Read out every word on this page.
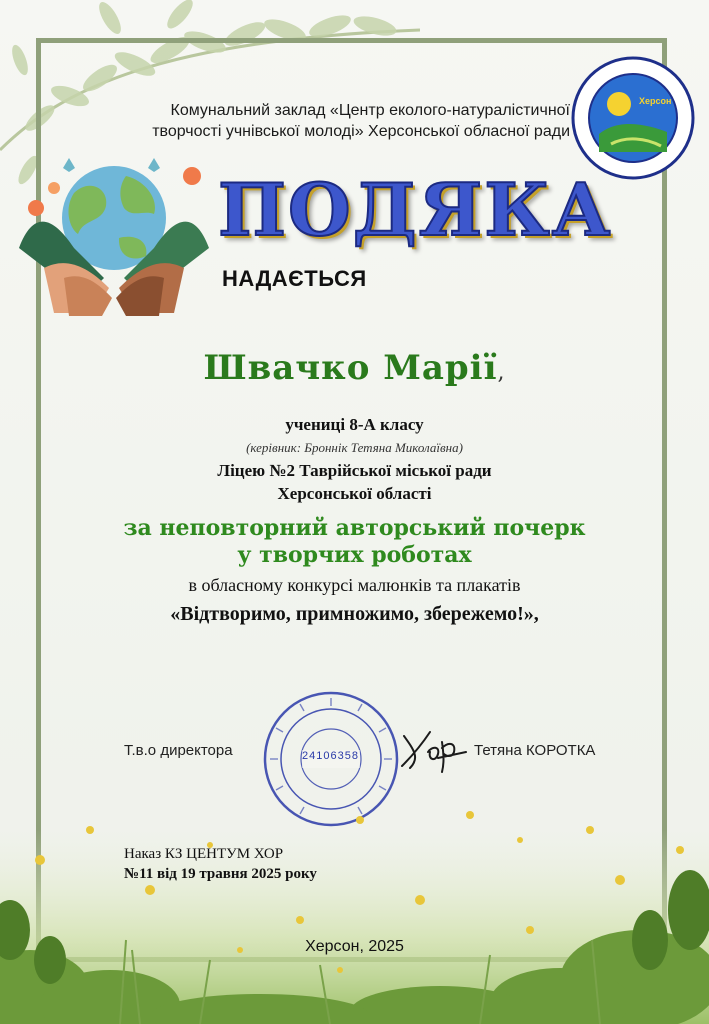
Комунальний заклад «Центр еколого-натуралістичної
творчості учнівської молоді» Херсонської обласної ради
Херсон
ПОДЯКА
НАДАЄТЬСЯ
Швачко Марії,
учениці 8-А класу
(керівник: Броннік Тетяна Миколаївна)
Ліцею №2 Таврійської міської ради
Херсонської області
за неповторний авторський почерк
у творчих роботах
в обласному конкурсі малюнків та плакатів
«Відтворимо, примножимо, збережемо!»,
Т.в.о директора	24106358	Тетяна КОРОТКА
Наказ КЗ ЦЕНТУМ ХОР
№11 від 19 травня 2025 року
Херсон, 2025
